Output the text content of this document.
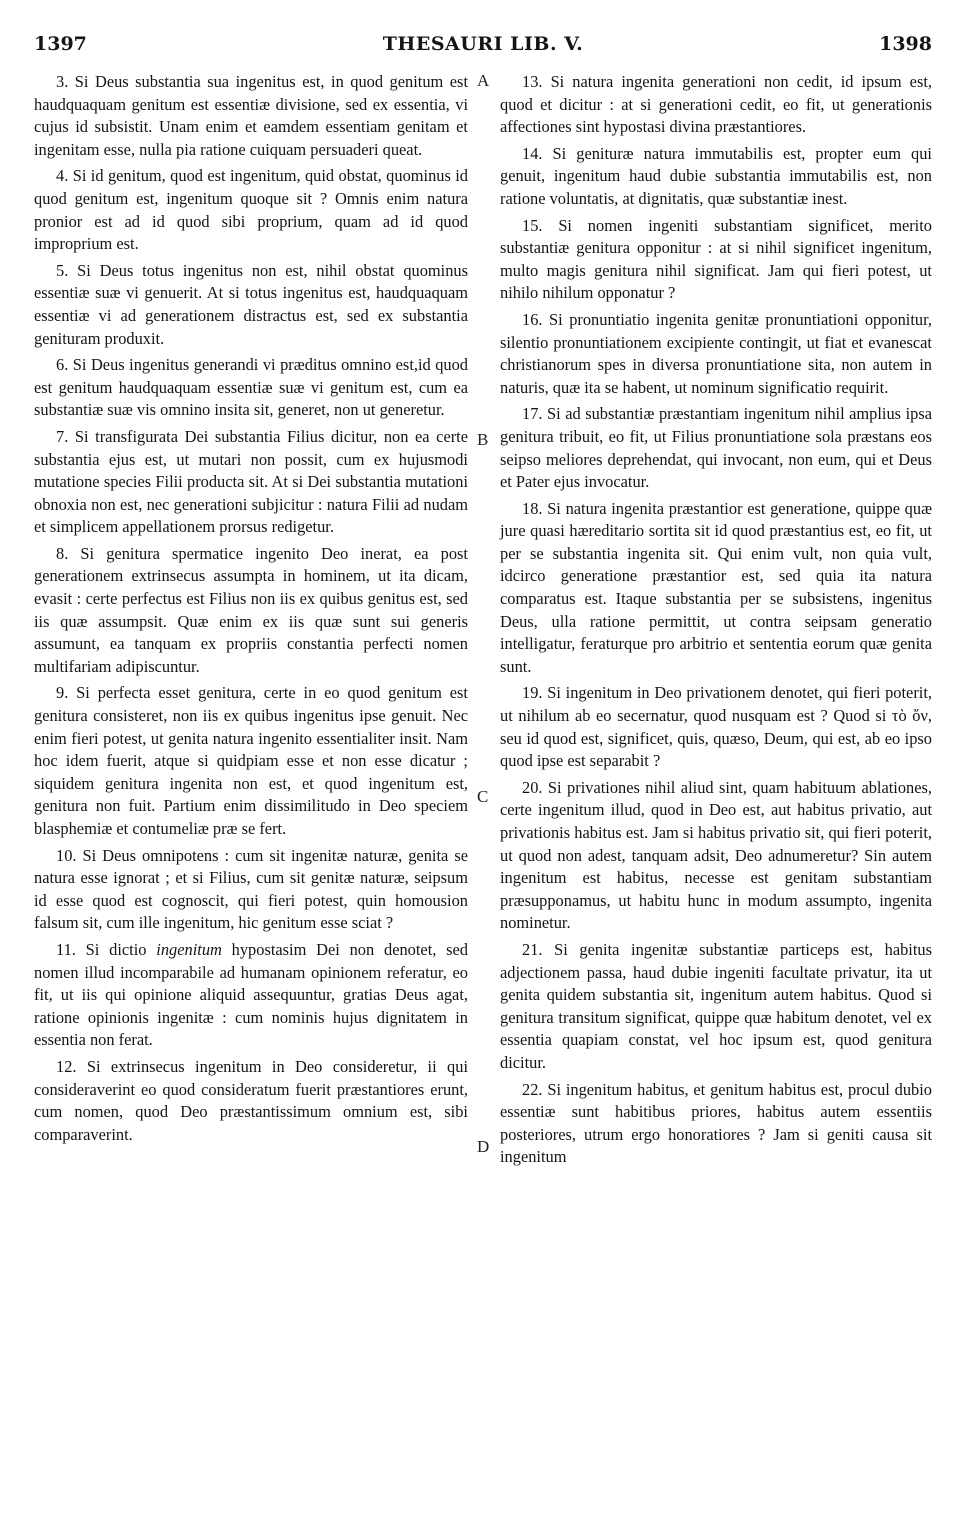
1397	THESAURI LIB. V.	1398

3. Si Deus substantia sua ingenitus est, in quod genitum est haudquaquam genitum est essentiæ divisione, sed ex essentia, vi cujus id subsistit. Unam enim et eamdem essentiam genitam et ingenitam esse, nulla pia ratione cuiquam persuaderi queat.

4. Si id genitum, quod est ingenitum, quid obstat, quominus id quod genitum est, ingenitum quoque sit ? Omnis enim natura pronior est ad id quod sibi proprium, quam ad id quod improprium est.

5. Si Deus totus ingenitus non est, nihil obstat quominus essentiæ suæ vi genuerit. At si totus ingenitus est, haudquaquam essentiæ vi ad generationem distractus est, sed ex substantia genituram produxit.

6. Si Deus ingenitus generandi vi præditus omnino est,id quod est genitum haudquaquam essentiæ suæ vi genitum est, cum ea substantiæ suæ vis omnino insita sit, generet, non ut generetur.

7. Si transfigurata Dei substantia Filius dicitur, non ea certe substantia ejus est, ut mutari non possit, cum ex hujusmodi mutatione species Filii producta sit. At si Dei substantia mutationi obnoxia non est, nec generationi subjicitur : natura Filii ad nudam et simplicem appellationem prorsus redigetur.

8. Si genitura spermatice ingenito Deo inerat, ea post generationem extrinsecus assumpta in hominem, ut ita dicam, evasit : certe perfectus est Filius non iis ex quibus genitus est, sed iis quæ assumpsit. Quæ enim ex iis quæ sunt sui generis assumunt, ea tanquam ex propriis constantia perfecti nomen multifariam adipiscuntur.

9. Si perfecta esset genitura, certe in eo quod genitum est genitura consisteret, non iis ex quibus ingenitus ipse genuit. Nec enim fieri potest, ut genita natura ingenito essentialiter insit. Nam hoc idem fuerit, atque si quidpiam esse et non esse dicatur ; siquidem genitura ingenita non est, et quod ingenitum est, genitura non fuit. Partium enim dissimilitudo in Deo speciem blasphemiæ et contumeliæ præ se fert.

10. Si Deus omnipotens : cum sit ingenitæ naturæ, genita se natura esse ignorat ; et si Filius, cum sit genitæ naturæ, seipsum id esse quod est cognoscit, qui fieri potest, quin homousion falsum sit, cum ille ingenitum, hic genitum esse sciat ?

11. Si dictio ingenitum hypostasim Dei non denotet, sed nomen illud incomparabile ad humanam opinionem referatur, eo fit, ut iis qui opinione aliquid assequuntur, gratias Deus agat, ratione opinionis ingenitæ : cum nominis hujus dignitatem in essentia non ferat.

12. Si extrinsecus ingenitum in Deo consideretur, ii qui consideraverint eo quod consideratum fuerit præstantiores erunt, cum nomen, quod Deo præstantissimum omnium est, sibi comparaverint.

13. Si natura ingenita generationi non cedit, id ipsum est, quod et dicitur : at si generationi cedit, eo fit, ut generationis affectiones sint hypostasi divina præstantiores.

14. Si genituræ natura immutabilis est, propter eum qui genuit, ingenitum haud dubie substantia immutabilis est, non ratione voluntatis, at dignitatis, quæ substantiæ inest.

15. Si nomen ingeniti substantiam significet, merito substantiæ genitura opponitur : at si nihil significet ingenitum, multo magis genitura nihil significat. Jam qui fieri potest, ut nihilo nihilum opponatur ?

16. Si pronuntiatio ingenita genitæ pronuntiationi opponitur, silentio pronuntiationem excipiente contingit, ut fiat et evanescat christianorum spes in diversa pronuntiatione sita, non autem in naturis, quæ ita se habent, ut nominum significatio requirit.

17. Si ad substantiæ præstantiam ingenitum nihil amplius ipsa genitura tribuit, eo fit, ut Filius pronuntiatione sola præstans eos seipso meliores deprehendat, qui invocant, non eum, qui et Deus et Pater ejus invocatur.

18. Si natura ingenita præstantior est generatione, quippe quæ jure quasi hæreditario sortita sit id quod præstantius est, eo fit, ut per se substantia ingenita sit. Qui enim vult, non quia vult, idcirco generatione præstantior est, sed quia ita natura comparatus est. Itaque substantia per se subsistens, ingenitus Deus, ulla ratione permittit, ut contra seipsam generatio intelligatur, feraturque pro arbitrio et sententia eorum quæ genita sunt.

19. Si ingenitum in Deo privationem denotet, qui fieri poterit, ut nihilum ab eo secernatur, quod nusquam est ? Quod si τὸ ὄν, seu id quod est, significet, quis, quæso, Deum, qui est, ab eo ipso quod ipse est separabit ?

20. Si privationes nihil aliud sint, quam habituum ablationes, certe ingenitum illud, quod in Deo est, aut habitus privatio, aut privationis habitus est. Jam si habitus privatio sit, qui fieri poterit, ut quod non adest, tanquam adsit, Deo adnumeretur? Sin autem ingenitum est habitus, necesse est genitam substantiam præsupponamus, ut habitu hunc in modum assumpto, ingenita nominetur.

21. Si genita ingenitæ substantiæ particeps est, habitus adjectionem passa, haud dubie ingeniti facultate privatur, ita ut genita quidem substantia sit, ingenitum autem habitus. Quod si genitura transitum significat, quippe quæ habitum denotet, vel ex essentia quapiam constat, vel hoc ipsum est, quod genitura dicitur.

22. Si ingenitum habitus, et genitum habitus est, procul dubio essentiæ sunt habitibus priores, habitus autem essentiis posteriores, utrum ergo honoratiores ? Jam si geniti causa sit ingenitum

A
B
C
D
